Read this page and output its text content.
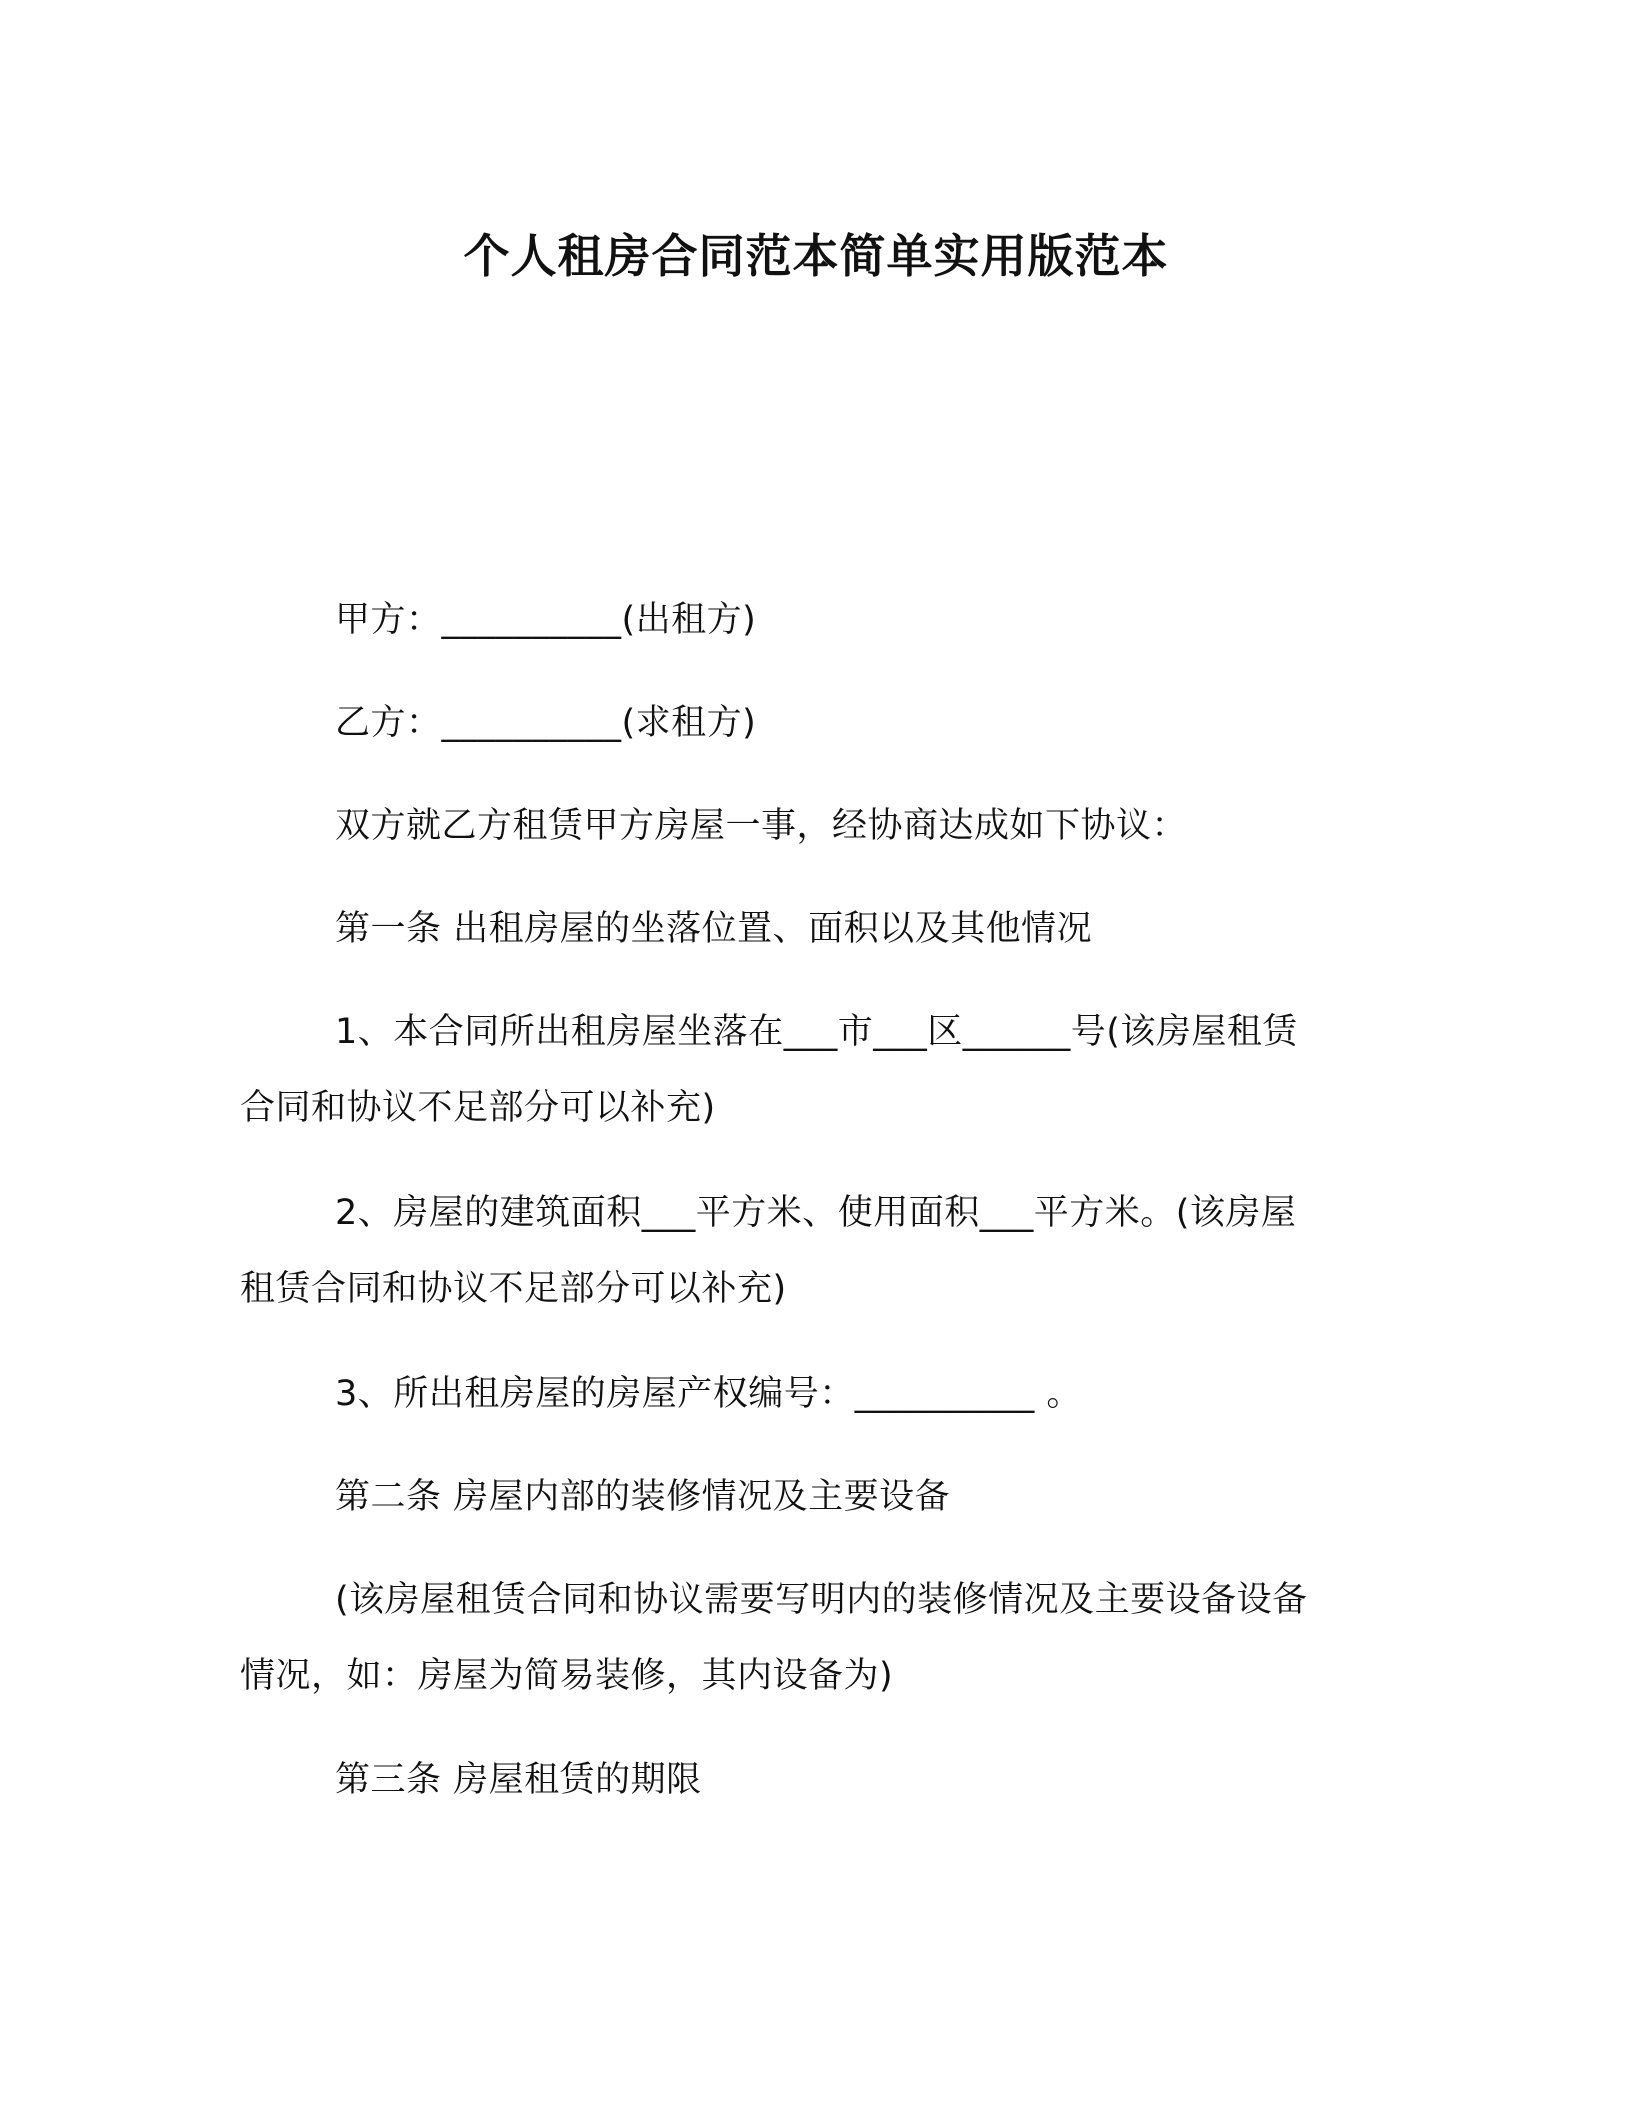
个人租房合同范本简单实用版范本
甲方：__________(出租方)
乙方：__________(求租方)
双方就乙方租赁甲方房屋一事，经协商达成如下协议：
第一条 出租房屋的坐落位置、面积以及其他情况
1、本合同所出租房屋坐落在___市___区______号(该房屋租赁
合同和协议不足部分可以补充)
2、房屋的建筑面积___平方米、使用面积___平方米。(该房屋
租赁合同和协议不足部分可以补充)
3、所出租房屋的房屋产权编号：__________ 。
第二条 房屋内部的装修情况及主要设备
(该房屋租赁合同和协议需要写明内的装修情况及主要设备设备
情况，如：房屋为简易装修，其内设备为)
第三条 房屋租赁的期限
